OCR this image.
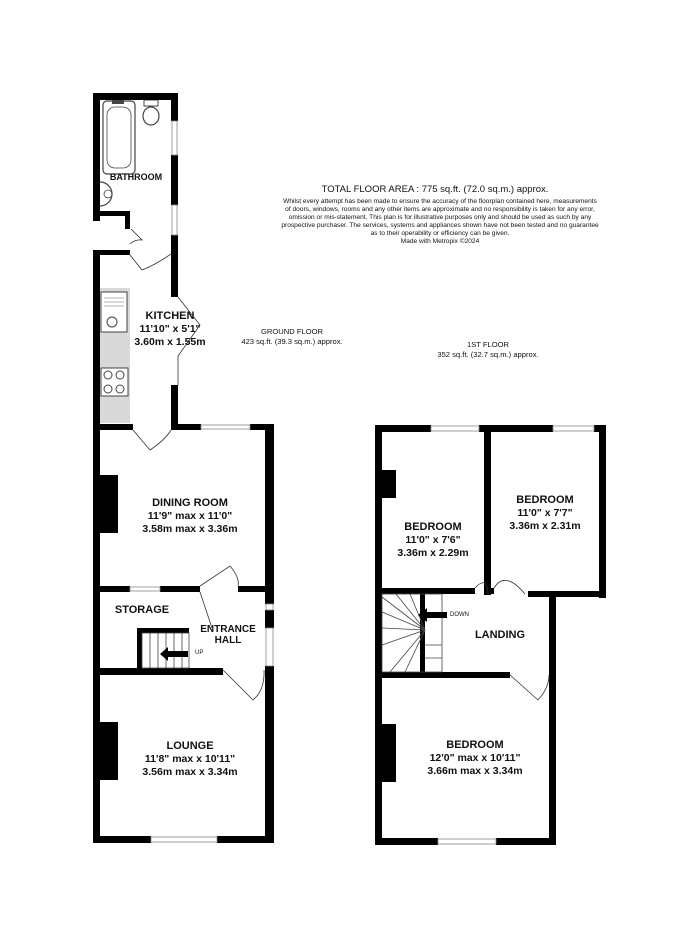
TOTAL FLOOR AREA : 775 sq.ft. (72.0 sq.m.) approx.
Whilst every attempt has been made to ensure the accuracy of the floorplan contained here, measurements
of doors, windows, rooms and any other items are approximate and no responsibility is taken for any error,
omission or mis-statement. This plan is for illustrative purposes only and should be used as such by any
prospective purchaser. The services, systems and appliances shown have not been tested and no guarantee
as to their operability or efficiency can be given.
Made with Metropix ©2024
GROUND FLOOR
423 sq.ft. (39.3 sq.m.) approx.	1ST FLOOR
352 sq.ft. (32.7 sq.m.) approx.
BATHROOM
KITCHEN
11'10" x 5'1"
3.60m x 1.55m
DINING ROOM
11'9" max x 11'0"
3.58m max x 3.36m
STORAGE
ENTRANCE
HALL
LOUNGE
11'8" max x 10'11"
3.56m max x 3.34m
BEDROOM
11'0" x 7'6"
3.36m x 2.29m
BEDROOM
11'0" x 7'7"
3.36m x 2.31m
LANDING
BEDROOM
12'0" max x 10'11"
3.66m max x 3.34m
UP
DOWN
